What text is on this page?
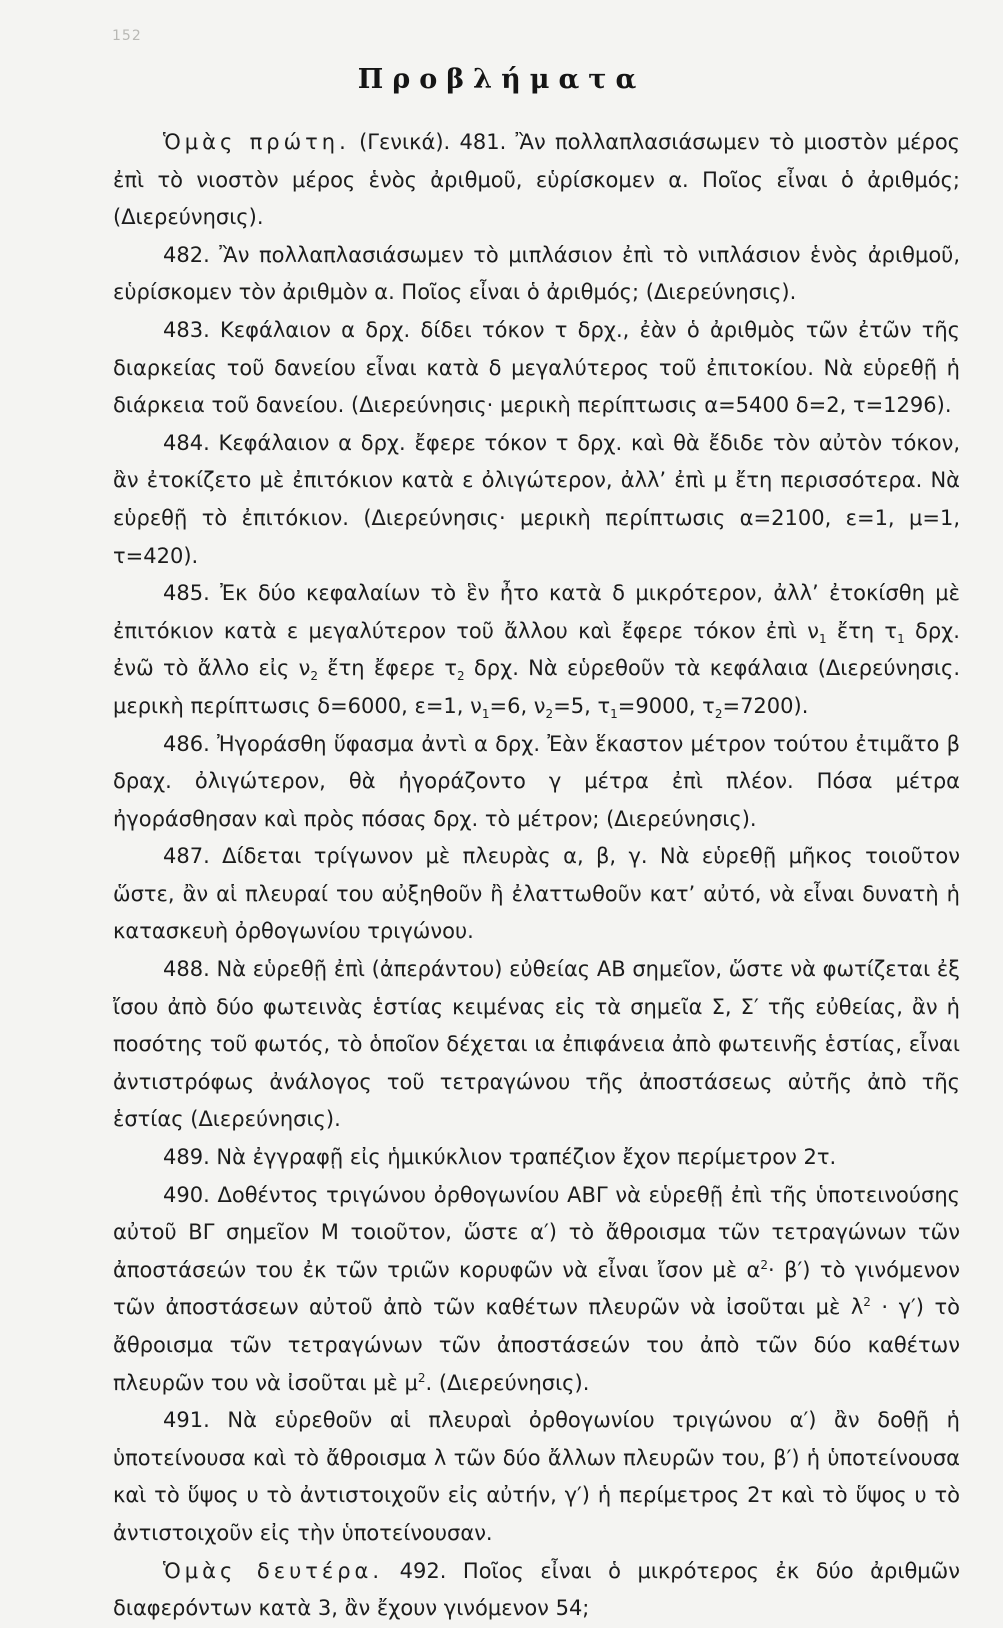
152
Προβλήματα

Ὁμὰς πρώτη. (Γενικά). 481. Ἂν πολλαπλασιάσωμεν τὸ μιοστὸν μέρος ἐπὶ τὸ νιοστὸν μέρος ἑνὸς ἀριθμοῦ, εὑρίσκομεν α. Ποῖος εἶναι ὁ ἀριθμός; (Διερεύνησις).

482. Ἂν πολλαπλασιάσωμεν τὸ μιπλάσιον ἐπὶ τὸ νιπλάσιον ἑνὸς ἀριθμοῦ, εὑρίσκομεν τὸν ἀριθμὸν α. Ποῖος εἶναι ὁ ἀριθμός; (Διερεύνησις).

483. Κεφάλαιον α δρχ. δίδει τόκον τ δρχ., ἐὰν ὁ ἀριθμὸς τῶν ἐτῶν τῆς διαρκείας τοῦ δανείου εἶναι κατὰ δ μεγαλύτερος τοῦ ἐπιτοκίου. Νὰ εὑρεθῇ ἡ διάρκεια τοῦ δανείου. (Διερεύνησις· μερικὴ περίπτωσις α=5400 δ=2, τ=1296).

484. Κεφάλαιον α δρχ. ἔφερε τόκον τ δρχ. καὶ θὰ ἔδιδε τὸν αὐτὸν τόκον, ἂν ἐτοκίζετο μὲ ἐπιτόκιον κατὰ ε ὀλιγώτερον, ἀλλ’ ἐπὶ μ ἔτη περισσότερα. Νὰ εὑρεθῇ τὸ ἐπιτόκιον. (Διερεύνησις· μερικὴ περίπτωσις α=2100, ε=1, μ=1, τ=420).

485. Ἐκ δύο κεφαλαίων τὸ ἓν ἦτο κατὰ δ μικρότερον, ἀλλ’ ἐτοκίσθη μὲ ἐπιτόκιον κατὰ ε μεγαλύτερον τοῦ ἄλλου καὶ ἔφερε τόκον ἐπὶ $\nu_1$ ἔτη $\tau_1$ δρχ. ἐνῶ τὸ ἄλλο εἰς $\nu_2$ ἔτη ἔφερε $\tau_2$ δρχ. Νὰ εὑρεθοῦν τὰ κεφάλαια (Διερεύνησις. μερικὴ περίπτωσις δ=6000, ε=1, $\nu_1=6$, $\nu_2=5$, $\tau_1=9000$, $\tau_2=7200$).

486. Ἠγοράσθη ὕφασμα ἀντὶ α δρχ. Ἐὰν ἕκαστον μέτρον τούτου ἐτιμᾶτο β δραχ. ὀλιγώτερον, θὰ ἠγοράζοντο γ μέτρα ἐπὶ πλέον. Πόσα μέτρα ἠγοράσθησαν καὶ πρὸς πόσας δρχ. τὸ μέτρον; (Διερεύνησις).

487. Δίδεται τρίγωνον μὲ πλευρὰς α, β, γ. Νὰ εὑρεθῇ μῆκος τοιοῦτον ὥστε, ἂν αἱ πλευραί του αὐξηθοῦν ἢ ἐλαττωθοῦν κατ’ αὐτό, νὰ εἶναι δυνατὴ ἡ κατασκευὴ ὀρθογωνίου τριγώνου.

488. Νὰ εὑρεθῇ ἐπὶ (ἀπεράντου) εὐθείας ΑΒ σημεῖον, ὥστε νὰ φωτίζεται ἐξ ἴσου ἀπὸ δύο φωτεινὰς ἑστίας κειμένας εἰς τὰ σημεῖα Σ, Σ′ τῆς εὐθείας, ἂν ἡ ποσότης τοῦ φωτός, τὸ ὁποῖον δέχεται ια ἐπιφάνεια ἀπὸ φωτεινῆς ἑστίας, εἶναι ἀντιστρόφως ἀνάλογος τοῦ τετραγώνου τῆς ἀποστάσεως αὐτῆς ἀπὸ τῆς ἑστίας (Διερεύνησις).

489. Νὰ ἐγγραφῇ εἰς ἡμικύκλιον τραπέζιον ἔχον περίμετρον 2τ.

490. Δοθέντος τριγώνου ὀρθογωνίου ΑΒΓ νὰ εὑρεθῇ ἐπὶ τῆς ὑποτεινούσης αὐτοῦ ΒΓ σημεῖον Μ τοιοῦτον, ὥστε α′) τὸ ἄθροισμα τῶν τετραγώνων τῶν ἀποστάσεών του ἐκ τῶν τριῶν κορυφῶν νὰ εἶναι ἴσον μὲ $\alpha^2\cdot \beta'$) τὸ γινόμενον τῶν ἀποστάσεων αὐτοῦ ἀπὸ τῶν καθέτων πλευρῶν νὰ ἰσοῦται μὲ $\lambda^2 \cdot \gamma'$) τὸ ἄθροισμα τῶν τετραγώνων τῶν ἀποστάσεών του ἀπὸ τῶν δύο καθέτων πλευρῶν του νὰ ἰσοῦται μὲ $\mu^2$. (Διερεύνησις).

491. Νὰ εὑρεθοῦν αἱ πλευραὶ ὀρθογωνίου τριγώνου α′) ἂν δοθῇ ἡ ὑποτείνουσα καὶ τὸ ἄθροισμα λ τῶν δύο ἄλλων πλευρῶν του, β′) ἡ ὑποτείνουσα καὶ τὸ ὕψος υ τὸ ἀντιστοιχοῦν εἰς αὐτήν, γ′) ἡ περίμετρος 2τ καὶ τὸ ὕψος υ τὸ ἀντιστοιχοῦν εἰς τὴν ὑποτείνουσαν.

Ὁμὰς δευτέρα. 492. Ποῖος εἶναι ὁ μικρότερος ἐκ δύο ἀριθμῶν διαφερόντων κατὰ 3, ἂν ἔχουν γινόμενον 54;
